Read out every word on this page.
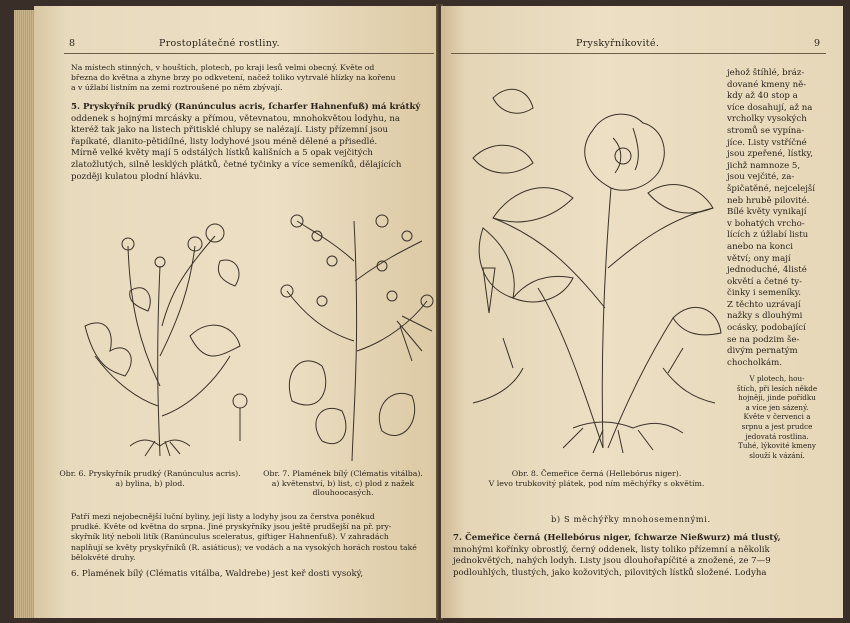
8	Prostoplátečné rostliny.
Na místech stinných, v houštích, plotech, po kraji lesů velmi obecný. Květe od
března do května a zhyne brzy po odkvetení, načež toliko vytrvalé hlízky na kořenu
a v úžlabí listním na zemi roztroušené po něm zbývají.
5. Pryskyřník prudký (Ranúnculus acris, ſcharfer Hahnenfuß) má krátký
oddenek s hojnými mrcásky a přímou, větevnatou, mnohokvětou lodyhu, na
kteréž tak jako na listech přitisklé chlupy se nalézají. Listy přízemní jsou
řapíkaté, dlanito-pětidílné, listy lodyhové jsou méně dělené a přisedlé.
Mírně velké květy mají 5 odstálých lístků kališních a 5 opak vejčitých
zlatožlutých, silně lesklých plátků, četné tyčinky a více semeníků, dělajících
později kulatou plodní hlávku.
Obr. 6. Pryskyřník prudký (Ranúnculus acris).
a) bylina, b) plod.
Obr. 7. Plamének bílý (Clématis vitálba).
a) květenství, b) list, c) plod z nažek
dlouhoocasých.
Patří mezi nejobecnější luční byliny, její listy a lodyhy jsou za čerstva poněkud
prudké. Květe od května do srpna. Jiné pryskyřníky jsou ještě prudšejší na př. pry-
skyřník litý neboli litík (Ranúnculus sceleratus, giftiger Hahnenfuß). V zahradách
naplňují se květy pryskyřníků (R. asiáticus); ve vodách a na vysokých horách rostou také
bělokvěté druhy.
6. Plamének bílý (Clématis vitálba, Waldrebe) jest keř dosti vysoký,
Pryskyřníkovité.	9
Obr. 8. Čemeřice černá (Hellebórus niger).
V levo trubkovitý plátek, pod ním měchýřky s okvětím.
jehož štíhlé, bráz-
dované kmeny ně-
kdy až 40 stop a
více dosahují, až na
vrcholky vysokých
stromů se vypína-
jíce. Listy vstříčné
jsou zpeřené, lístky,
jichž namnoze 5,
jsou vejčité, za-
špičatěné, nejcelejší
neb hrubě pilovité.
Bílé květy vynikají
v bohatých vrcho-
lících z úžlabí listu
anebo na konci
větví; ony mají
jednoduché, 4listé
okvětí a četné ty-
činky i semeníky.
Z těchto uzrávají
nažky s dlouhými
ocásky, podobající
se na podzim še-
divým pernatým
chocholkám.
V plotech, hou-
štích, při lesích někde
hojněji, jinde pořídku
a více jen sázený.
Květe v červenci a
srpnu a jest prudce
jedovatá rostlina.
Tuhé, lýkovité kmeny
slouží k vázání.
b) S měchýřky mnohosemennými.
7. Čemeřice černá (Hellebórus niger, ſchwarze Nießwurz) má tlustý,
mnohými kořínky obrostlý, černý oddenek, listy toliko přízemní a několik
jednokvětých, nahých lodyh. Listy jsou dlouhořapíčité a znožené, ze 7—9
podlouhlých, tlustých, jako kožovitých, pilovitých lístků složené. Lodyha
